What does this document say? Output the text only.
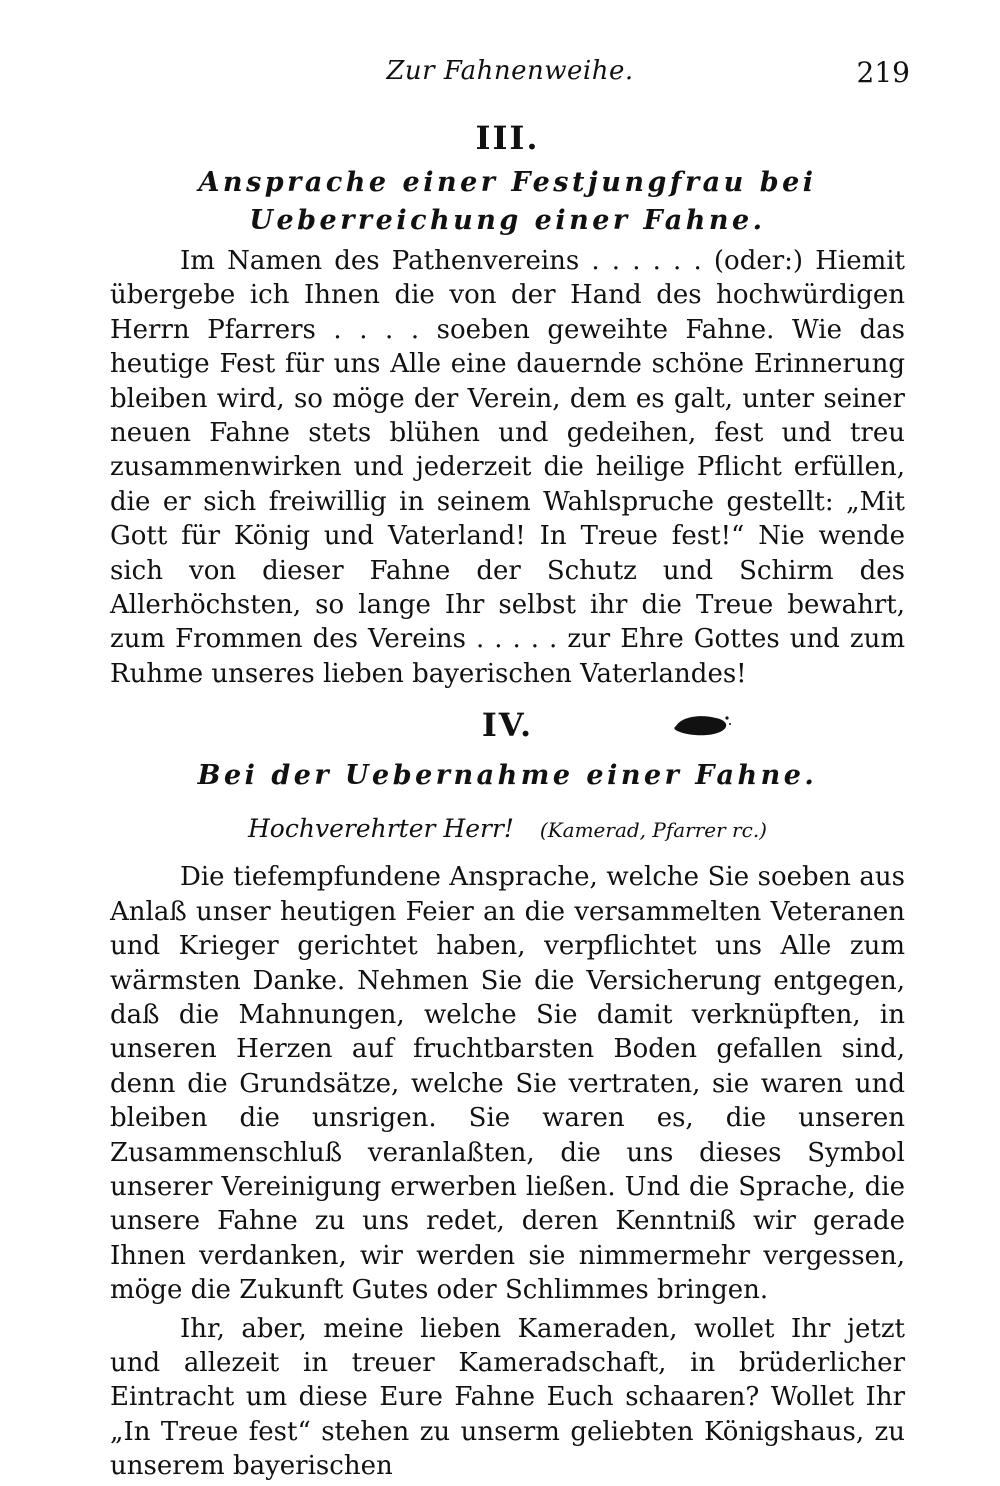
Zur Fahnenweihe.	219
III.
Ansprache einer Festjungfrau bei Ueberreichung einer Fahne.

Im Namen des Pathenvereins . . . . . . (oder:) Hiemit übergebe ich Ihnen die von der Hand des hochwürdigen Herrn Pfarrers . . . . soeben geweihte Fahne. Wie das heutige Fest für uns Alle eine dauernde schöne Erinnerung bleiben wird, so möge der Verein, dem es galt, unter seiner neuen Fahne stets blühen und gedeihen, fest und treu zusammenwirken und jederzeit die heilige Pflicht erfüllen, die er sich freiwillig in seinem Wahlspruche gestellt: „Mit Gott für König und Vaterland! In Treue fest!“ Nie wende sich von dieser Fahne der Schutz und Schirm des Allerhöchsten, so lange Ihr selbst ihr die Treue bewahrt, zum Frommen des Vereins . . . . . zur Ehre Gottes und zum Ruhme unseres lieben bayerischen Vaterlandes!

IV.
Bei der Uebernahme einer Fahne.
Hochverehrter Herr! (Kamerad, Pfarrer rc.)

Die tiefempfundene Ansprache, welche Sie soeben aus Anlaß unser heutigen Feier an die versammelten Veteranen und Krieger gerichtet haben, verpflichtet uns Alle zum wärmsten Danke. Nehmen Sie die Versicherung entgegen, daß die Mahnungen, welche Sie damit verknüpften, in unseren Herzen auf fruchtbarsten Boden gefallen sind, denn die Grundsätze, welche Sie vertraten, sie waren und bleiben die unsrigen. Sie waren es, die unseren Zusammenschluß veranlaßten, die uns dieses Symbol unserer Vereinigung erwerben ließen. Und die Sprache, die unsere Fahne zu uns redet, deren Kenntniß wir gerade Ihnen verdanken, wir werden sie nimmermehr vergessen, möge die Zukunft Gutes oder Schlimmes bringen.

Ihr, aber, meine lieben Kameraden, wollet Ihr jetzt und allezeit in treuer Kameradschaft, in brüderlicher Eintracht um diese Eure Fahne Euch schaaren? Wollet Ihr „In Treue fest“ stehen zu unserm geliebten Königshaus, zu unserem bayerischen
